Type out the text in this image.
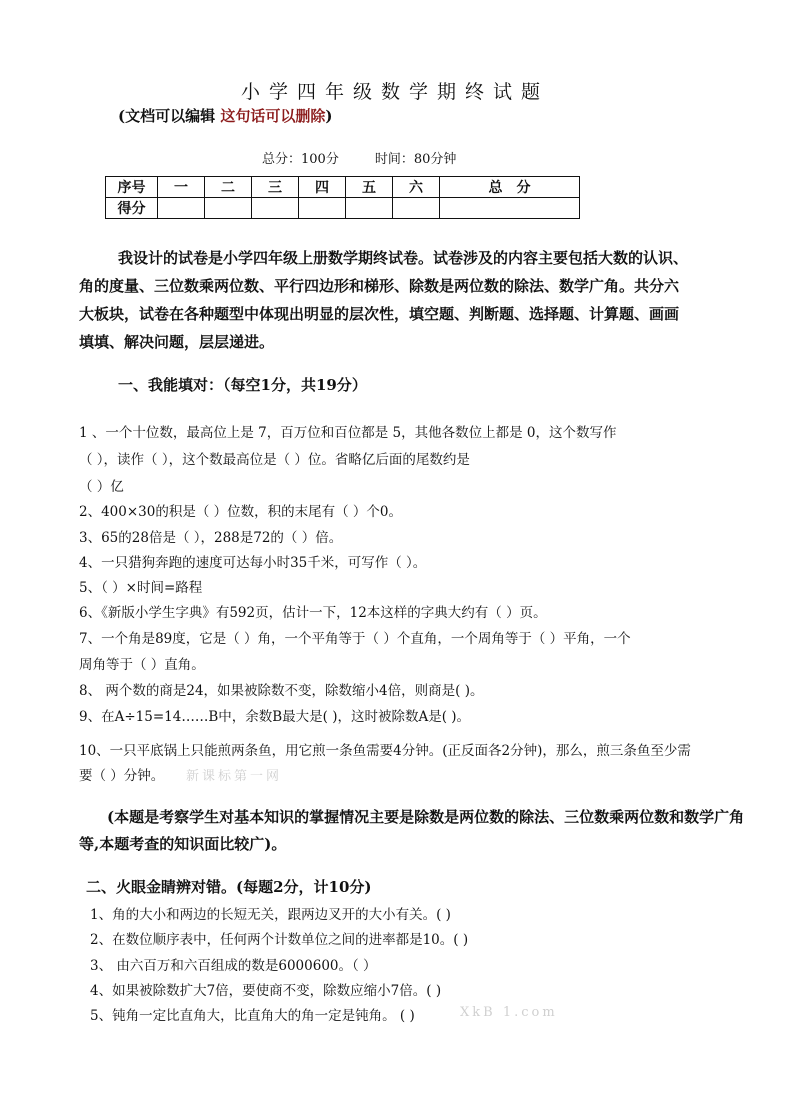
小学四年级数学期终试题
(文档可以编辑 这句话可以删除)
总分：100分	时间：80分钟
序号	一	二	三	四	五	六	总　分
得分							
我设计的试卷是小学四年级上册数学期终试卷。试卷涉及的内容主要包括大数的认识、
角的度量、三位数乘两位数、平行四边形和梯形、除数是两位数的除法、数学广角。共分六
大板块，试卷在各种题型中体现出明显的层次性，填空题、判断题、选择题、计算题、画画
填填、解决问题，层层递进。
一、我能填对：（每空1分，共19分）
1 、一个十位数，最高位上是 7，百万位和百位都是 5，其他各数位上都是 0，这个数写作
（ ），读作（ ），这个数最高位是（ ）位。省略亿后面的尾数约是
（ ）亿
2、400×30的积是（ ）位数，积的末尾有（ ）个0。
3、65的28倍是（ ），288是72的（ ）倍。
4、一只猎狗奔跑的速度可达每小时35千米，可写作（ ）。
5、（ ）×时间=路程
6、《新版小学生字典》有592页，估计一下，12本这样的字典大约有（ ）页。
7、一个角是89度，它是（ ）角，一个平角等于（ ）个直角，一个周角等于（ ）平角，一个
周角等于（ ）直角。
8、 两个数的商是24，如果被除数不变，除数缩小4倍，则商是( )。
9、在A÷15=14……B中，余数B最大是( )，这时被除数A是( )。
10、一只平底锅上只能煎两条鱼，用它煎一条鱼需要4分钟。(正反面各2分钟)，那么，煎三条鱼至少需
要（ ）分钟。 新课标第一网
(本题是考察学生对基本知识的掌握情况主要是除数是两位数的除法、三位数乘两位数和数学广角
等,本题考查的知识面比较广)。
二、火眼金睛辨对错。(每题2分，计10分)
1、角的大小和两边的长短无关，跟两边叉开的大小有关。( )
2、在数位顺序表中，任何两个计数单位之间的进率都是10。( )
3、 由六百万和六百组成的数是6000600。（ ）
4、如果被除数扩大7倍，要使商不变，除数应缩小7倍。( )
5、钝角一定比直角大，比直角大的角一定是钝角。 ( )	XkB 1.com
